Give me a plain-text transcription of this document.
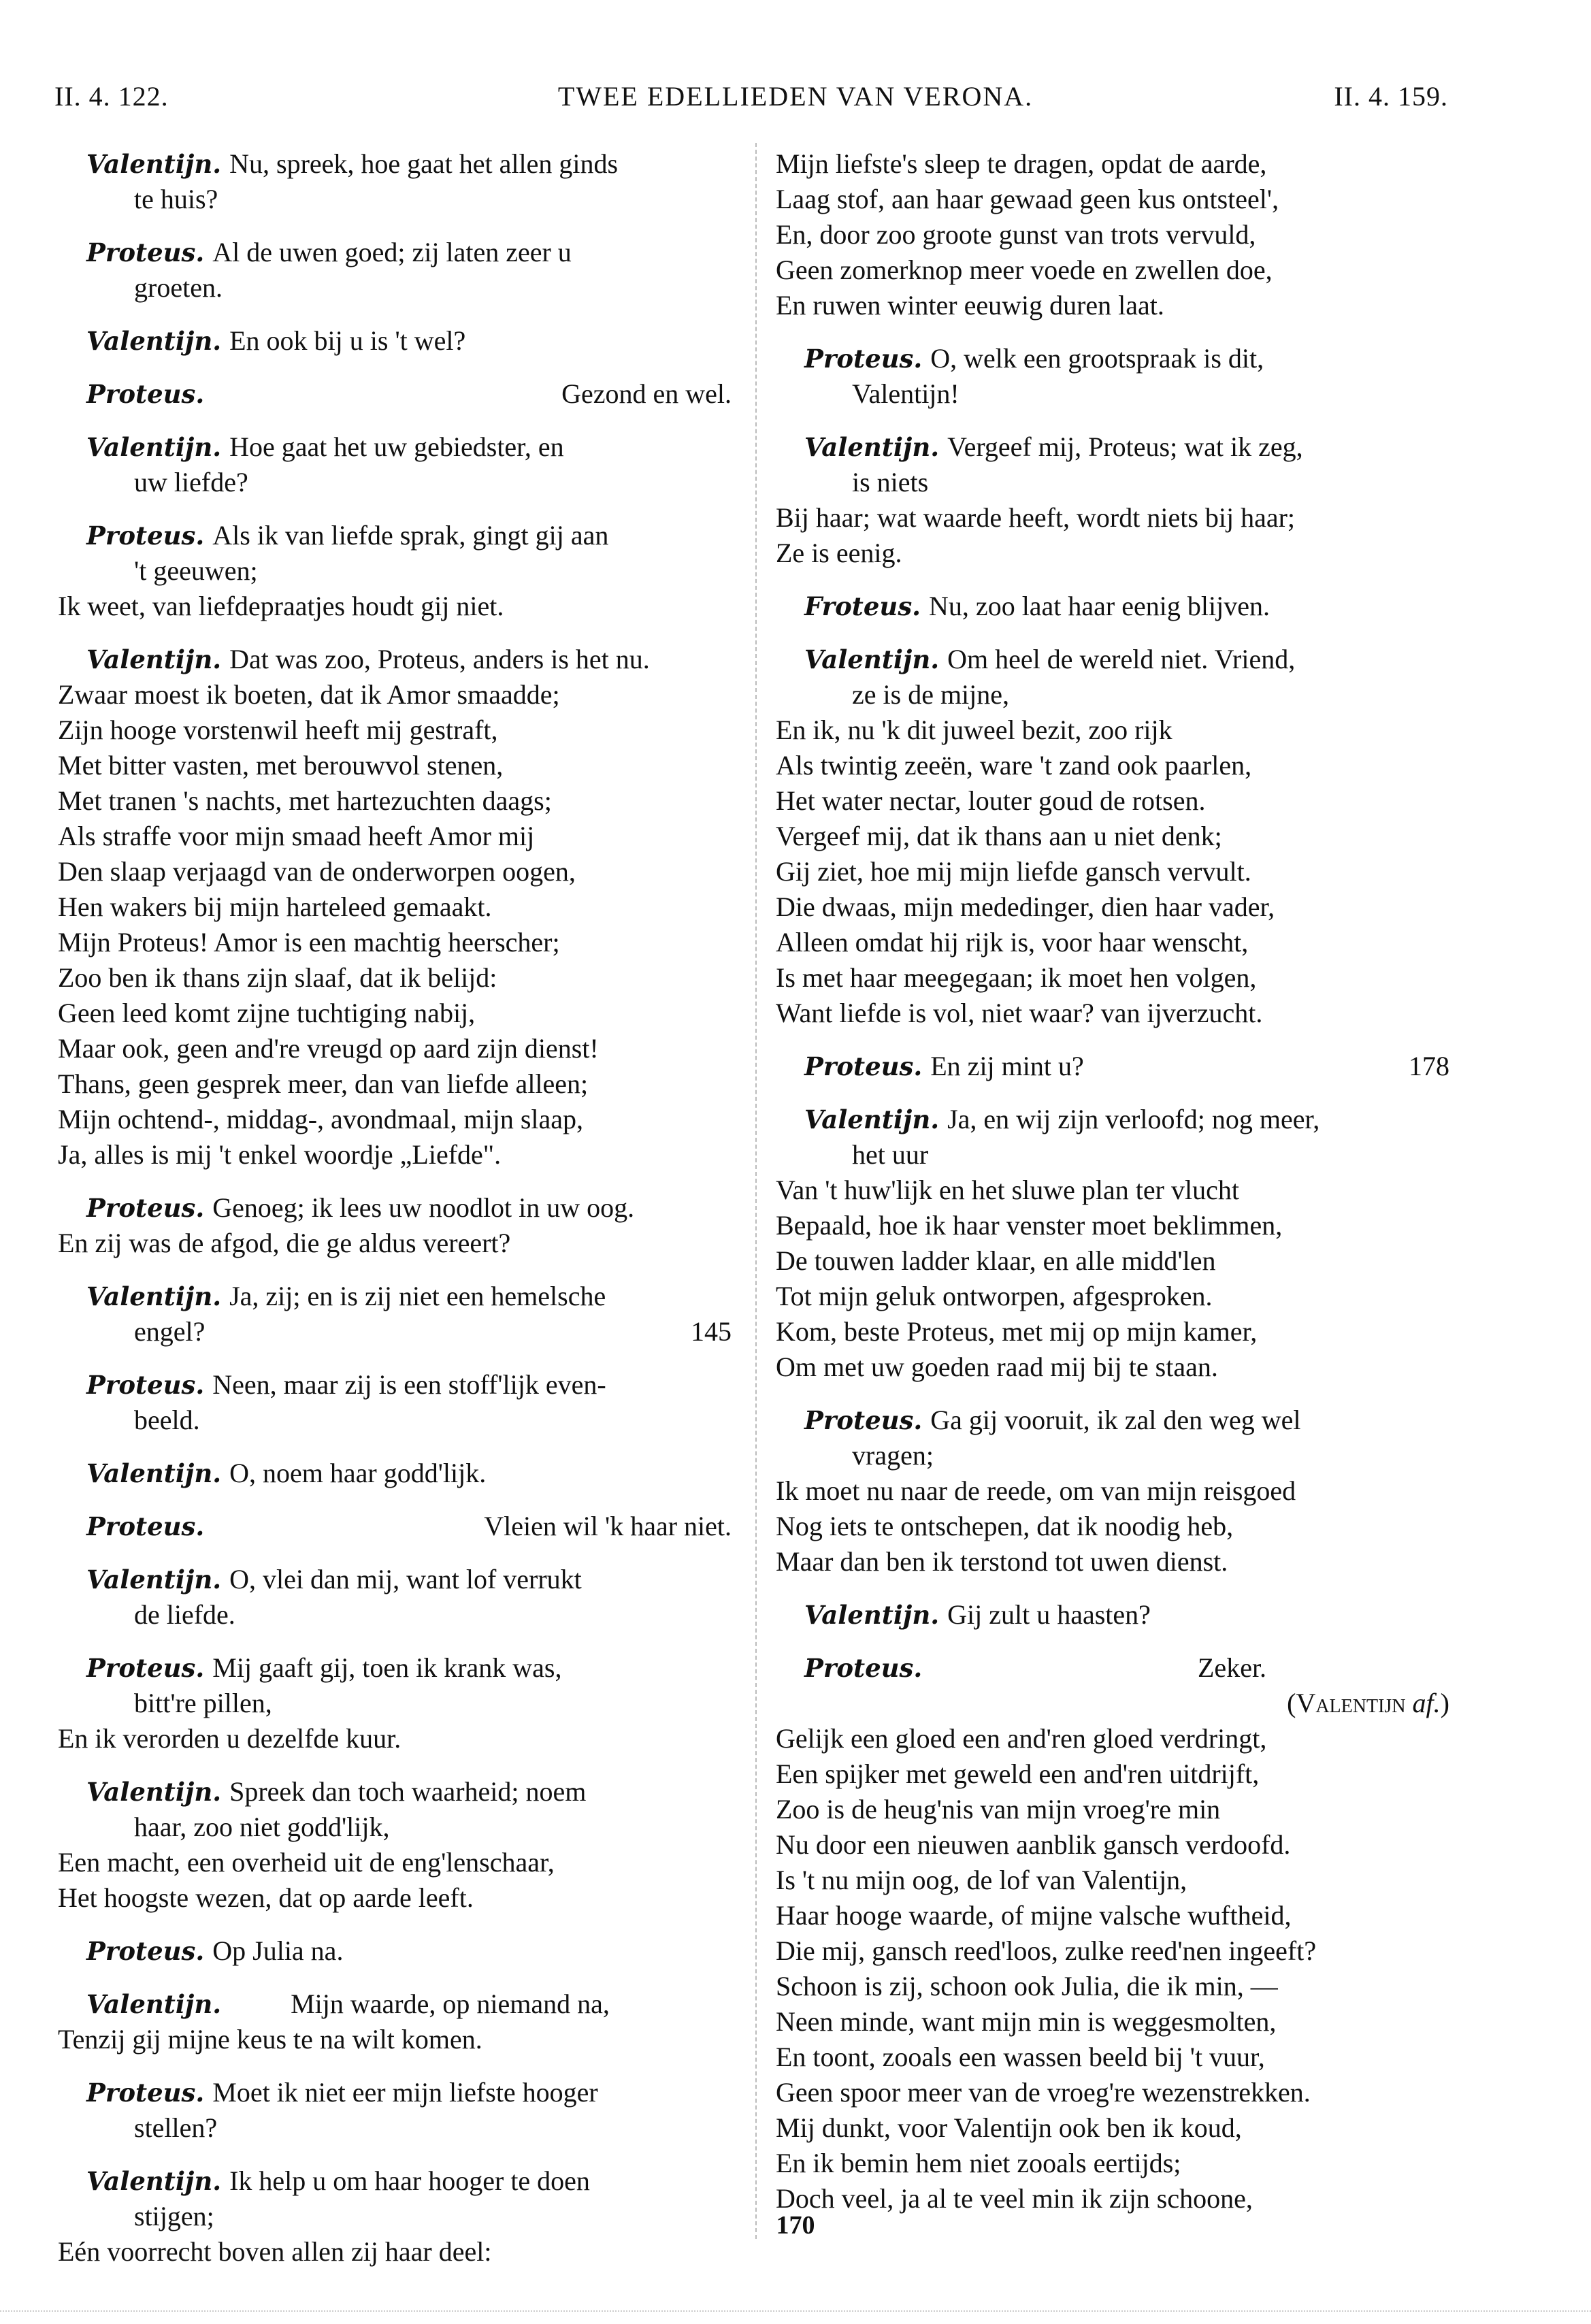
II. 4. 122.	TWEE EDELLIEDEN VAN VERONA.	II. 4. 159.
Valentijn. Nu, spreek, hoe gaat het allen ginds
te huis?
Proteus. Al de uwen goed; zij laten zeer u
groeten.
Valentijn. En ook bij u is 't wel?
Proteus.	Gezond en wel.
Valentijn. Hoe gaat het uw gebiedster, en
uw liefde?
Proteus. Als ik van liefde sprak, gingt gij aan
't geeuwen;
Ik weet, van liefdepraatjes houdt gij niet.
Valentijn. Dat was zoo, Proteus, anders is het nu.
Zwaar moest ik boeten, dat ik Amor smaadde;
Zijn hooge vorstenwil heeft mij gestraft,
Met bitter vasten, met berouwvol stenen,
Met tranen 's nachts, met hartezuchten daags;
Als straffe voor mijn smaad heeft Amor mij
Den slaap verjaagd van de onderworpen oogen,
Hen wakers bij mijn harteleed gemaakt.
Mijn Proteus! Amor is een machtig heerscher;
Zoo ben ik thans zijn slaaf, dat ik belijd:
Geen leed komt zijne tuchtiging nabij,
Maar ook, geen and're vreugd op aard zijn dienst!
Thans, geen gesprek meer, dan van liefde alleen;
Mijn ochtend-, middag-, avondmaal, mijn slaap,
Ja, alles is mij 't enkel woordje „Liefde".
Proteus. Genoeg; ik lees uw noodlot in uw oog.
En zij was de afgod, die ge aldus vereert?
Valentijn. Ja, zij; en is zij niet een hemelsche
engel?	145
Proteus. Neen, maar zij is een stoff'lijk even-
beeld.
Valentijn. O, noem haar godd'lijk.
Proteus.	Vleien wil 'k haar niet.
Valentijn. O, vlei dan mij, want lof verrukt
de liefde.
Proteus. Mij gaaft gij, toen ik krank was,
bitt're pillen,
En ik verorden u dezelfde kuur.
Valentijn. Spreek dan toch waarheid; noem
haar, zoo niet godd'lijk,
Een macht, een overheid uit de eng'lenschaar,
Het hoogste wezen, dat op aarde leeft.
Proteus. Op Julia na.
Valentijn.	Mijn waarde, op niemand na,
Tenzij gij mijne keus te na wilt komen.
Proteus. Moet ik niet eer mijn liefste hooger
stellen?
Valentijn. Ik help u om haar hooger te doen
stijgen;
Eén voorrecht boven allen zij haar deel:
Mijn liefste's sleep te dragen, opdat de aarde,
Laag stof, aan haar gewaad geen kus ontsteel',
En, door zoo groote gunst van trots vervuld,
Geen zomerknop meer voede en zwellen doe,
En ruwen winter eeuwig duren laat.
Proteus. O, welk een grootspraak is dit,
Valentijn!
Valentijn. Vergeef mij, Proteus; wat ik zeg,
is niets
Bij haar; wat waarde heeft, wordt niets bij haar;
Ze is eenig.
Froteus. Nu, zoo laat haar eenig blijven.
Valentijn. Om heel de wereld niet. Vriend,
ze is de mijne,
En ik, nu 'k dit juweel bezit, zoo rijk
Als twintig zeeën, ware 't zand ook paarlen,
Het water nectar, louter goud de rotsen.
Vergeef mij, dat ik thans aan u niet denk;
Gij ziet, hoe mij mijn liefde gansch vervult.
Die dwaas, mijn mededinger, dien haar vader,
Alleen omdat hij rijk is, voor haar wenscht,
Is met haar meegegaan; ik moet hen volgen,
Want liefde is vol, niet waar? van ijverzucht.
Proteus. En zij mint u?	178
Valentijn. Ja, en wij zijn verloofd; nog meer,
het uur
Van 't huw'lijk en het sluwe plan ter vlucht
Bepaald, hoe ik haar venster moet beklimmen,
De touwen ladder klaar, en alle midd'len
Tot mijn geluk ontworpen, afgesproken.
Kom, beste Proteus, met mij op mijn kamer,
Om met uw goeden raad mij bij te staan.
Proteus. Ga gij vooruit, ik zal den weg wel
vragen;
Ik moet nu naar de reede, om van mijn reisgoed
Nog iets te ontschepen, dat ik noodig heb,
Maar dan ben ik terstond tot uwen dienst.
Valentijn. Gij zult u haasten?
Proteus.	Zeker.
(Valentijn af.)
Gelijk een gloed een and'ren gloed verdringt,
Een spijker met geweld een and'ren uitdrijft,
Zoo is de heug'nis van mijn vroeg're min
Nu door een nieuwen aanblik gansch verdoofd.
Is 't nu mijn oog, de lof van Valentijn,
Haar hooge waarde, of mijne valsche wuftheid,
Die mij, gansch reed'loos, zulke reed'nen ingeeft?
Schoon is zij, schoon ook Julia, die ik min, —
Neen minde, want mijn min is weggesmolten,
En toont, zooals een wassen beeld bij 't vuur,
Geen spoor meer van de vroeg're wezenstrekken.
Mij dunkt, voor Valentijn ook ben ik koud,
En ik bemin hem niet zooals eertijds;
Doch veel, ja al te veel min ik zijn schoone,
170
